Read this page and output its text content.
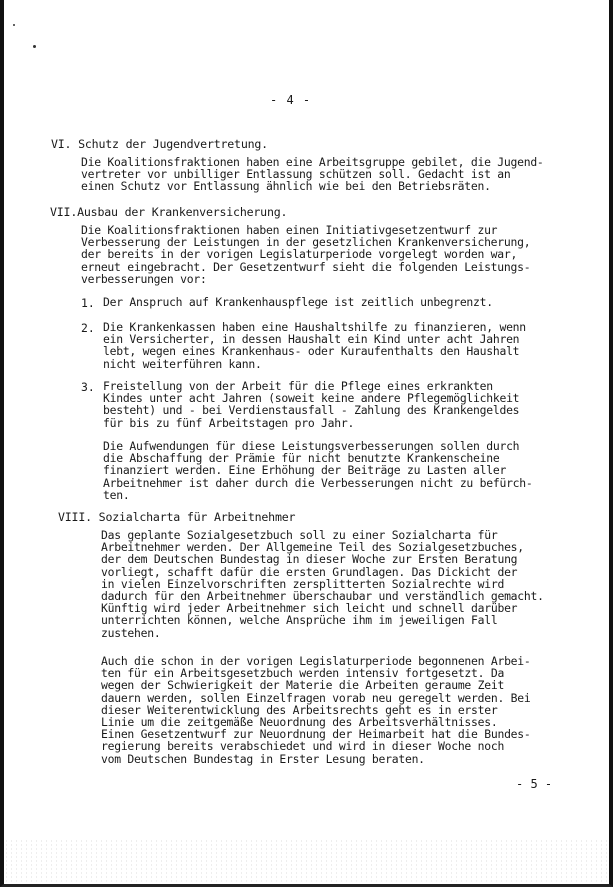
- 4 -
VI. Schutz der Jugendvertretung.
Die Koalitionsfraktionen haben eine Arbeitsgruppe gebilet, die Jugend-
vertreter vor unbilliger Entlassung schützen soll. Gedacht ist an
einen Schutz vor Entlassung ähnlich wie bei den Betriebsräten.
VII.Ausbau der Krankenversicherung.
Die Koalitionsfraktionen haben einen Initiativgesetzentwurf zur
Verbesserung der Leistungen in der gesetzlichen Krankenversicherung,
der bereits in der vorigen Legislaturperiode vorgelegt worden war,
erneut eingebracht. Der Gesetzentwurf sieht die folgenden Leistungs-
verbesserungen vor:
1. Der Anspruch auf Krankenhauspflege ist zeitlich unbegrenzt.
2. Die Krankenkassen haben eine Haushaltshilfe zu finanzieren, wenn
ein Versicherter, in dessen Haushalt ein Kind unter acht Jahren
lebt, wegen eines Krankenhaus- oder Kuraufenthalts den Haushalt
nicht weiterführen kann.
3. Freistellung von der Arbeit für die Pflege eines erkrankten
Kindes unter acht Jahren (soweit keine andere Pflegemöglichkeit
besteht) und - bei Verdienstausfall - Zahlung des Krankengeldes
für bis zu fünf Arbeitstagen pro Jahr.
Die Aufwendungen für diese Leistungsverbesserungen sollen durch
die Abschaffung der Prämie für nicht benutzte Krankenscheine
finanziert werden. Eine Erhöhung der Beiträge zu Lasten aller
Arbeitnehmer ist daher durch die Verbesserungen nicht zu befürch-
ten.
VIII. Sozialcharta für Arbeitnehmer
Das geplante Sozialgesetzbuch soll zu einer Sozialcharta für
Arbeitnehmer werden. Der Allgemeine Teil des Sozialgesetzbuches,
der dem Deutschen Bundestag in dieser Woche zur Ersten Beratung
vorliegt, schafft dafür die ersten Grundlagen. Das Dickicht der
in vielen Einzelvorschriften zersplitterten Sozialrechte wird
dadurch für den Arbeitnehmer überschaubar und verständlich gemacht.
Künftig wird jeder Arbeitnehmer sich leicht und schnell darüber
unterrichten können, welche Ansprüche ihm im jeweiligen Fall
zustehen.
Auch die schon in der vorigen Legislaturperiode begonnenen Arbei-
ten für ein Arbeitsgesetzbuch werden intensiv fortgesetzt. Da
wegen der Schwierigkeit der Materie die Arbeiten geraume Zeit
dauern werden, sollen Einzelfragen vorab neu geregelt werden. Bei
dieser Weiterentwicklung des Arbeitsrechts geht es in erster
Linie um die zeitgemäße Neuordnung des Arbeitsverhältnisses.
Einen Gesetzentwurf zur Neuordnung der Heimarbeit hat die Bundes-
regierung bereits verabschiedet und wird in dieser Woche noch
vom Deutschen Bundestag in Erster Lesung beraten.
- 5 -
